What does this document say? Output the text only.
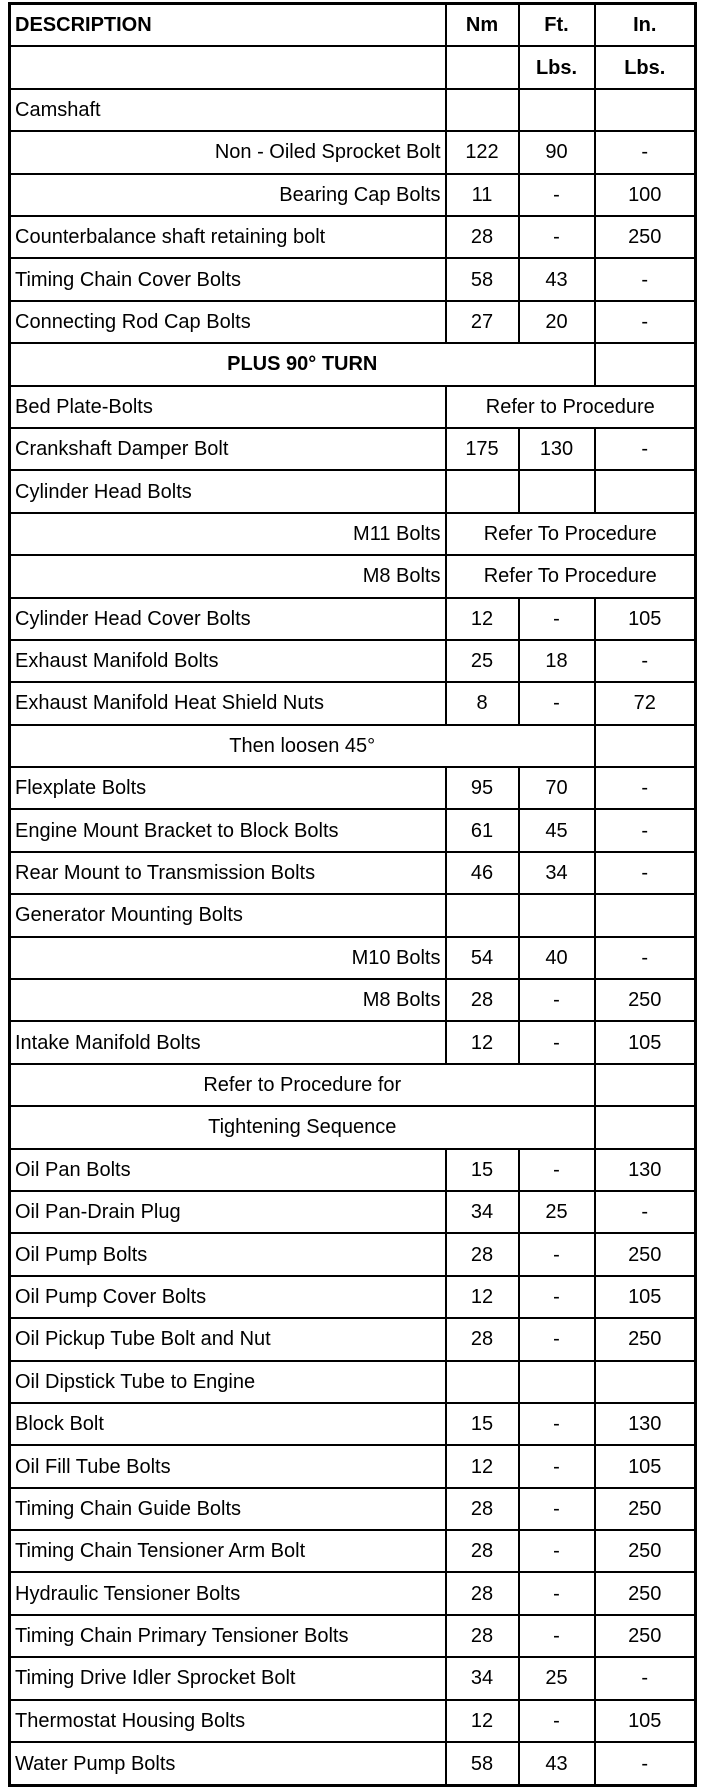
DESCRIPTION	Nm	Ft.	In.
		Lbs.	Lbs.
Camshaft			
Non - Oiled Sprocket Bolt	122	90	-
Bearing Cap Bolts	11	-	100
Counterbalance shaft retaining bolt	28	-	250
Timing Chain Cover Bolts	58	43	-
Connecting Rod Cap Bolts	27	20	-
PLUS 90° TURN			
Bed Plate-Bolts	Refer to Procedure		
Crankshaft Damper Bolt	175	130	-
Cylinder Head Bolts			
M11 Bolts	Refer To Procedure		
M8 Bolts	Refer To Procedure		
Cylinder Head Cover Bolts	12	-	105
Exhaust Manifold Bolts	25	18	-
Exhaust Manifold Heat Shield Nuts	8	-	72
Then loosen 45°			
Flexplate Bolts	95	70	-
Engine Mount Bracket to Block Bolts	61	45	-
Rear Mount to Transmission Bolts	46	34	-
Generator Mounting Bolts			
M10 Bolts	54	40	-
M8 Bolts	28	-	250
Intake Manifold Bolts	12	-	105
Refer to Procedure for			
Tightening Sequence			
Oil Pan Bolts	15	-	130
Oil Pan-Drain Plug	34	25	-
Oil Pump Bolts	28	-	250
Oil Pump Cover Bolts	12	-	105
Oil Pickup Tube Bolt and Nut	28	-	250
Oil Dipstick Tube to Engine			
Block Bolt	15	-	130
Oil Fill Tube Bolts	12	-	105
Timing Chain Guide Bolts	28	-	250
Timing Chain Tensioner Arm Bolt	28	-	250
Hydraulic Tensioner Bolts	28	-	250
Timing Chain Primary Tensioner Bolts	28	-	250
Timing Drive Idler Sprocket Bolt	34	25	-
Thermostat Housing Bolts	12	-	105
Water Pump Bolts	58	43	-
